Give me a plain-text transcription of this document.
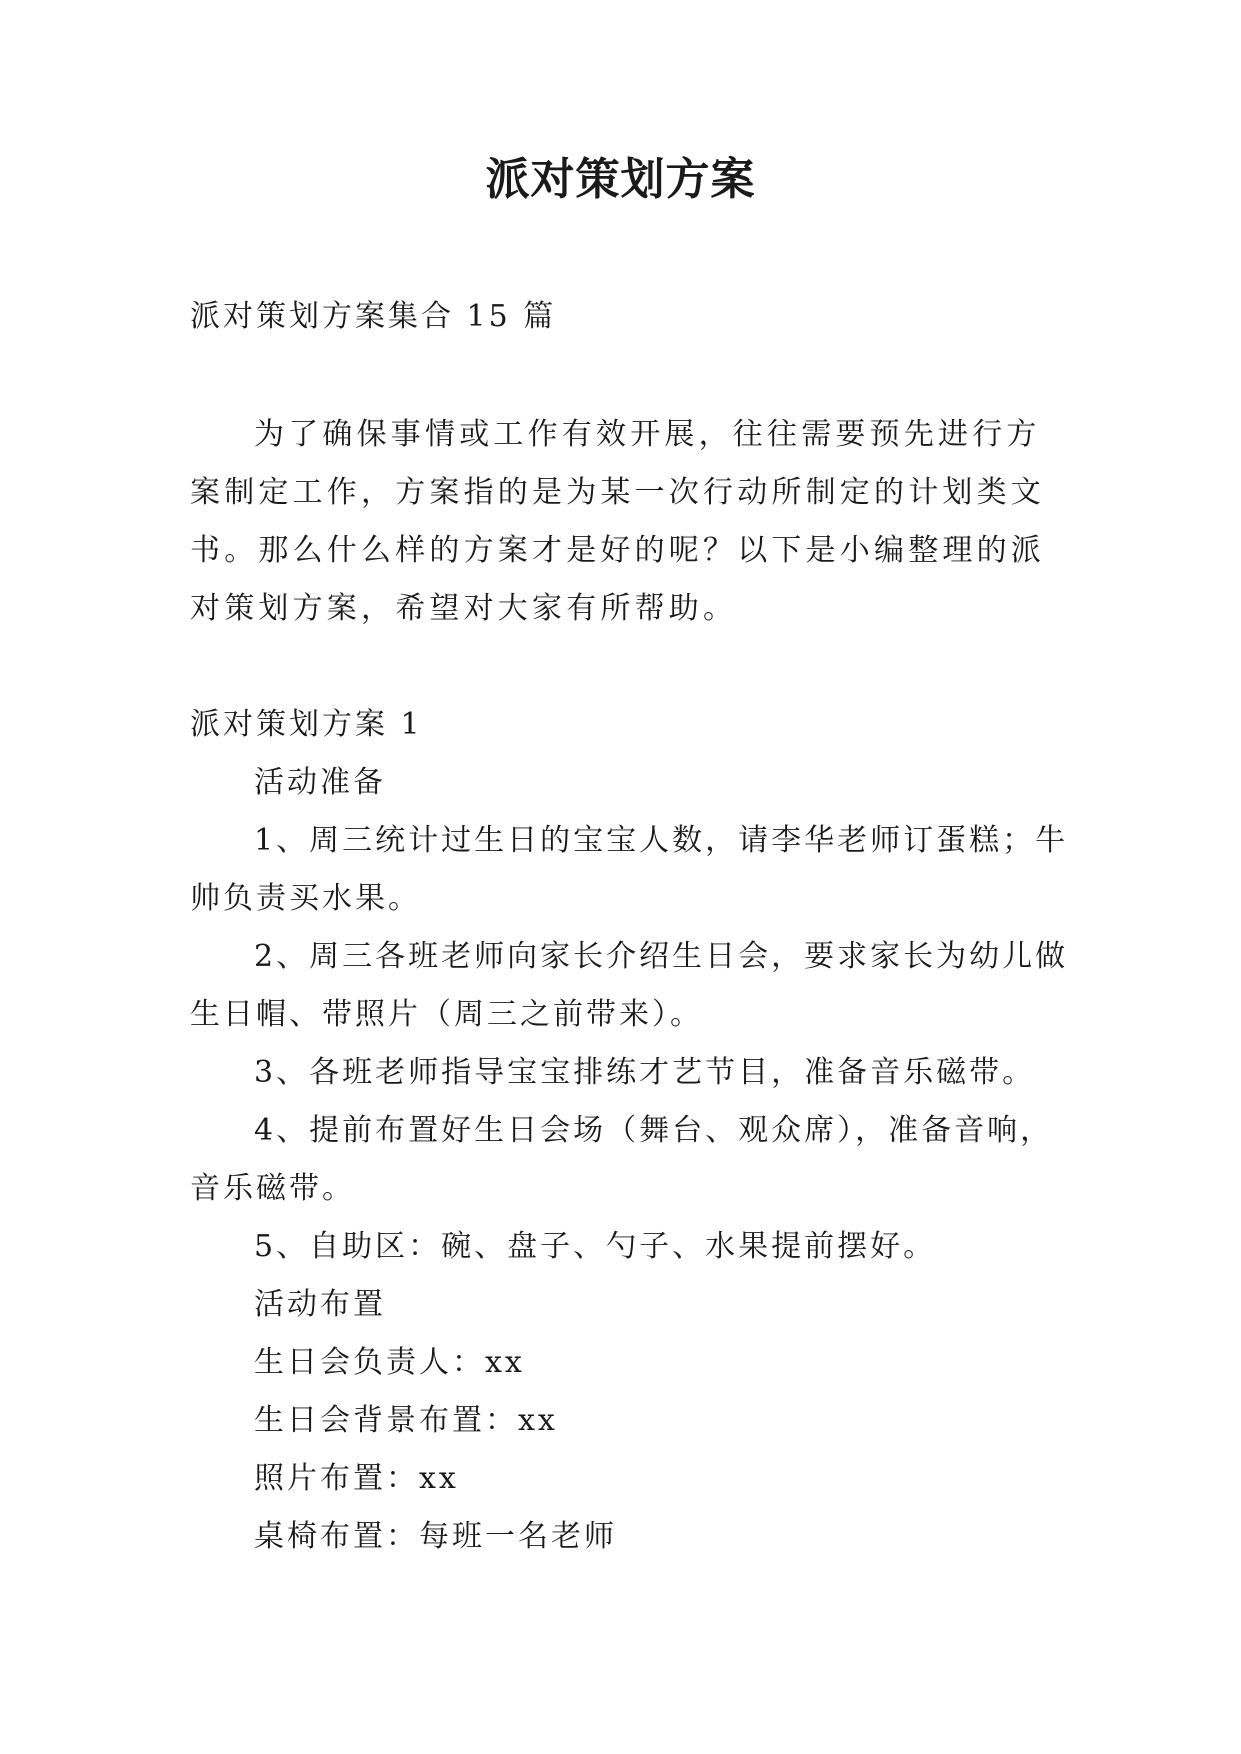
派对策划方案

派对策划方案集合 15 篇

为了确保事情或工作有效开展，往往需要预先进行方案制定工作，方案指的是为某一次行动所制定的计划类文书。那么什么样的方案才是好的呢？以下是小编整理的派对策划方案，希望对大家有所帮助。

派对策划方案 1

活动准备

1、周三统计过生日的宝宝人数，请李华老师订蛋糕；牛帅负责买水果。

2、周三各班老师向家长介绍生日会，要求家长为幼儿做生日帽、带照片（周三之前带来）。

3、各班老师指导宝宝排练才艺节目，准备音乐磁带。

4、提前布置好生日会场（舞台、观众席），准备音响，音乐磁带。

5、自助区：碗、盘子、勺子、水果提前摆好。

活动布置

生日会负责人：xx

生日会背景布置：xx

照片布置：xx

桌椅布置：每班一名老师
